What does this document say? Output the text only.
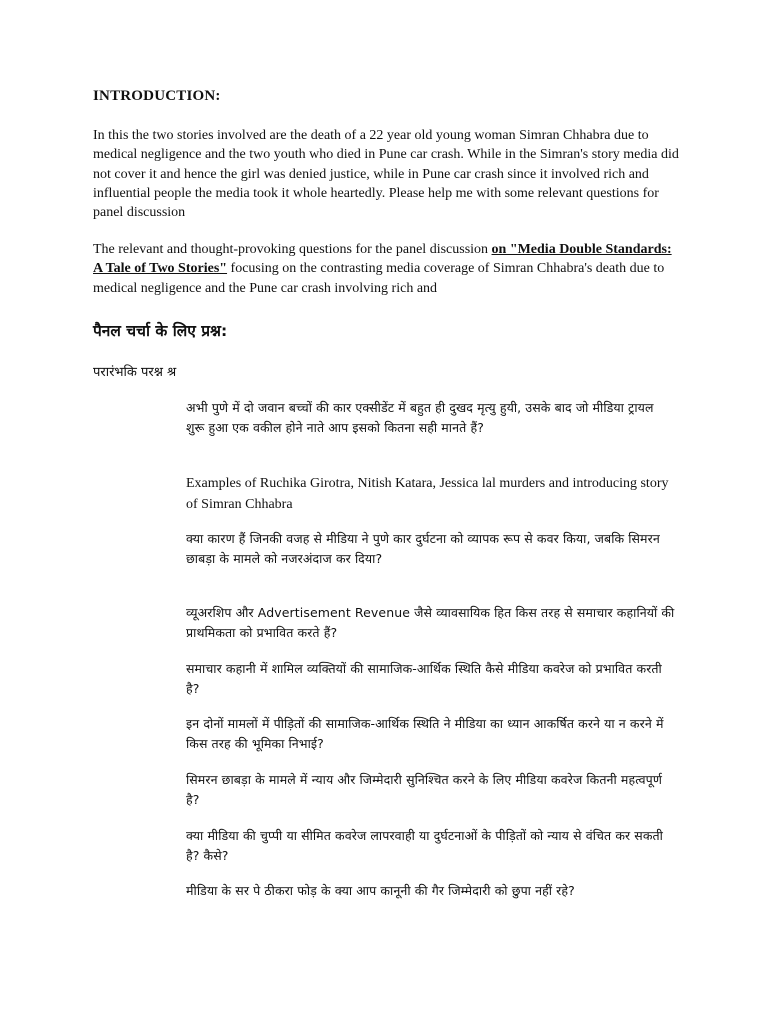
INTRODUCTION:
In this the two stories involved are the death of a 22 year old young woman Simran Chhabra due to medical negligence and the two youth who died in Pune car crash. While in the Simran's story media did not cover it and hence the girl was denied justice, while in Pune car crash since it involved rich and influential people the media took it whole heartedly. Please help me with some relevant questions for panel discussion
The relevant and thought-provoking questions for the panel discussion on "Media Double Standards: A Tale of Two Stories" focusing on the contrasting media coverage of Simran Chhabra's death due to medical negligence and the Pune car crash involving rich and
पैनल चर्चा के लिए प्रश्न:
परारंभकि परश्न श्र
अभी पुणे में दो जवान बच्चों की कार एक्सीडेंट में बहुत ही दुखद मृत्यु हुयी, उसके बाद जो मीडिया ट्रायल शुरू हुआ एक वकील होने नाते आप इसको कितना सही मानते हैं?
Examples of Ruchika Girotra, Nitish Katara, Jessica lal murders and introducing story of Simran Chhabra
क्या कारण हैं जिनकी वजह से मीडिया ने पुणे कार दुर्घटना को व्यापक रूप से कवर किया, जबकि सिमरन छाबड़ा के मामले को नजरअंदाज कर दिया?
व्यूअरशिप और Advertisement Revenue जैसे व्यावसायिक हित किस तरह से समाचार कहानियों की प्राथमिकता को प्रभावित करते हैं?
समाचार कहानी में शामिल व्यक्तियों की सामाजिक-आर्थिक स्थिति कैसे मीडिया कवरेज को प्रभावित करती है?
इन दोनों मामलों में पीड़ितों की सामाजिक-आर्थिक स्थिति ने मीडिया का ध्यान आकर्षित करने या न करने में किस तरह की भूमिका निभाई?
सिमरन छाबड़ा के मामले में न्याय और जिम्मेदारी सुनिश्चित करने के लिए मीडिया कवरेज कितनी महत्वपूर्ण है?
क्या मीडिया की चुप्पी या सीमित कवरेज लापरवाही या दुर्घटनाओं के पीड़ितों को न्याय से वंचित कर सकती है? कैसे?
मीडिया के सर पे ठीकरा फोड़ के क्या आप कानूनी की गैर जिम्मेदारी को छुपा नहीं रहे?
